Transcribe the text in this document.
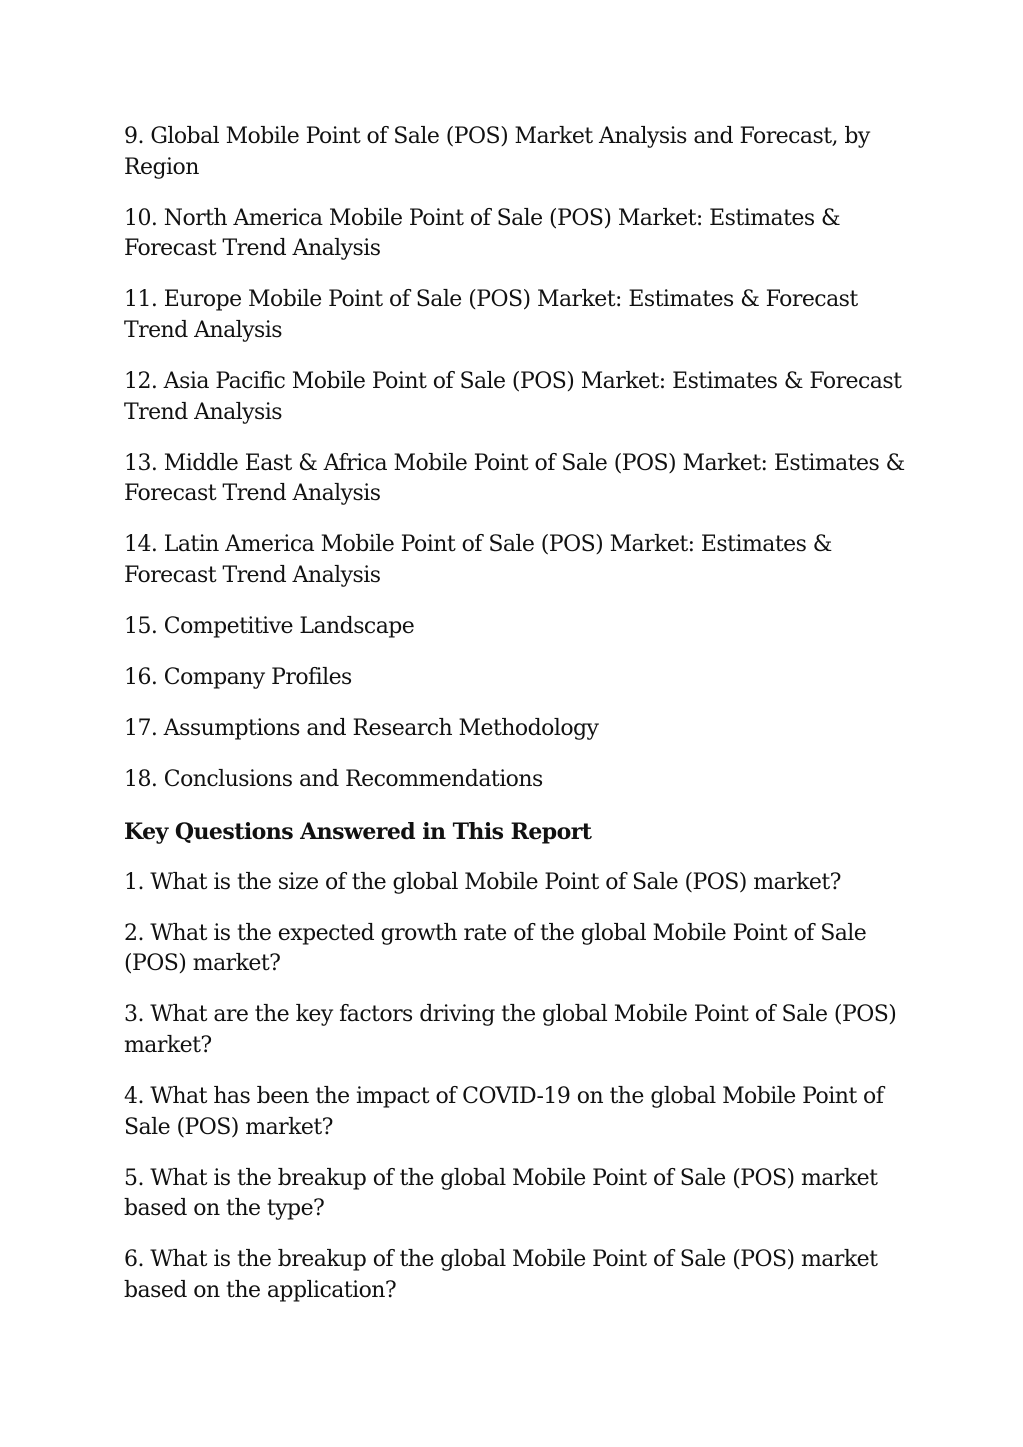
9. Global Mobile Point of Sale (POS) Market Analysis and Forecast, by Region

10. North America Mobile Point of Sale (POS) Market: Estimates & Forecast Trend Analysis

11. Europe Mobile Point of Sale (POS) Market: Estimates & Forecast Trend Analysis

12. Asia Pacific Mobile Point of Sale (POS) Market: Estimates & Forecast Trend Analysis

13. Middle East & Africa Mobile Point of Sale (POS) Market: Estimates & Forecast Trend Analysis

14. Latin America Mobile Point of Sale (POS) Market: Estimates & Forecast Trend Analysis

15. Competitive Landscape

16. Company Profiles

17. Assumptions and Research Methodology

18. Conclusions and Recommendations

Key Questions Answered in This Report

1. What is the size of the global Mobile Point of Sale (POS) market?

2. What is the expected growth rate of the global Mobile Point of Sale (POS) market?

3. What are the key factors driving the global Mobile Point of Sale (POS) market?

4. What has been the impact of COVID-19 on the global Mobile Point of Sale (POS) market?

5. What is the breakup of the global Mobile Point of Sale (POS) market based on the type?

6. What is the breakup of the global Mobile Point of Sale (POS) market based on the application?
